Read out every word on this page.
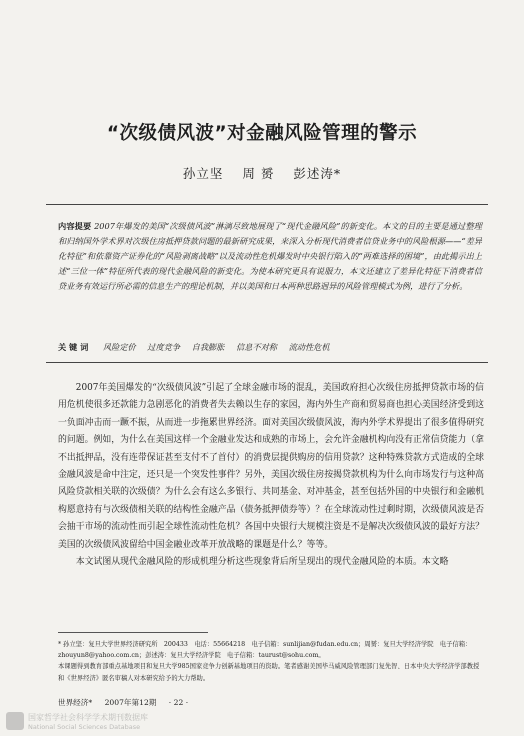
“次级债风波”对金融风险管理的警示
孙立坚 周 赟 彭述涛*
内容提要 2007年爆发的美国“次级债风波”淋漓尽致地展现了“现代金融风险”的新变化。本文的目的主要是通过整理和归纳国外学术界对次级住房抵押贷款问题的最新研究成果，来深入分析现代消费者信贷业务中的风险根源——“差异化特征”和依靠资产证券化的“风险剥离战略”以及流动性危机爆发时中央银行陷入的“两难选择的困境”，由此揭示出上述“三位一体”特征所代表的现代金融风险的新变化。为使本研究更具有说服力，本文还建立了差异化特征下消费者信贷业务有效运行所必需的信息生产的理论机制，并以美国和日本两种思路迥异的风险管理模式为例，进行了分析。
关 键 词 风险定价 过度竞争 自我膨胀 信息不对称 流动性危机

2007年美国爆发的“次级债风波”引起了全球金融市场的混乱，美国政府担心次级住房抵押贷款市场的信用危机使很多还款能力急剧恶化的消费者失去赖以生存的家园，海内外生产商和贸易商也担心美国经济受到这一负面冲击而一蹶不振，从而进一步拖累世界经济。面对美国次级债风波，海内外学术界提出了很多值得研究的问题。例如，为什么在美国这样一个金融业发达和成熟的市场上，会允许金融机构向没有正常信贷能力（拿不出抵押品，没有连带保证甚至支付不了首付）的消费层提供购房的信用贷款？这种特殊贷款方式造成的全球金融风波是命中注定，还只是一个突发性事件？另外，美国次级住房按揭贷款机构为什么向市场发行与这种高风险贷款相关联的次级债？为什么会有这么多银行、共同基金、对冲基金，甚至包括外国的中央银行和金融机构愿意持有与次级债相关联的结构性金融产品（债务抵押债券等）？在全球流动性过剩时期，次级债风波是否会抽干市场的流动性而引起全球性流动性危机？各国中央银行大规模注资是不是解决次级债风波的最好方法？美国的次级债风波留给中国金融业改革开放战略的课题是什么？等等。

本文试图从现代金融风险的形成机理分析这些现象背后所呈现出的现代金融风险的本质。本文略

* 孙立坚：复旦大学世界经济研究所　200433　电话：55664218　电子信箱：sunlijian@fudan.edu.cn；周赟：复旦大学经济学院　电子信箱：zhouyun8@yahoo.com.cn；彭述涛：复旦大学经济学院　电子信箱：taurust@sohu.com。

本课题得到教育部重点基地项目和复旦大学985国家竞争力创新基地项目的资助。笔者感谢美国毕马威风险管理部门复先智、日本中央大学经济学部教授和《世界经济》匿名审稿人对本研究给予的大力帮助。

世界经济* 2007年第12期 · 22 ·
国家哲学社会科学学术期刊数据库
National Social Sciences Database
